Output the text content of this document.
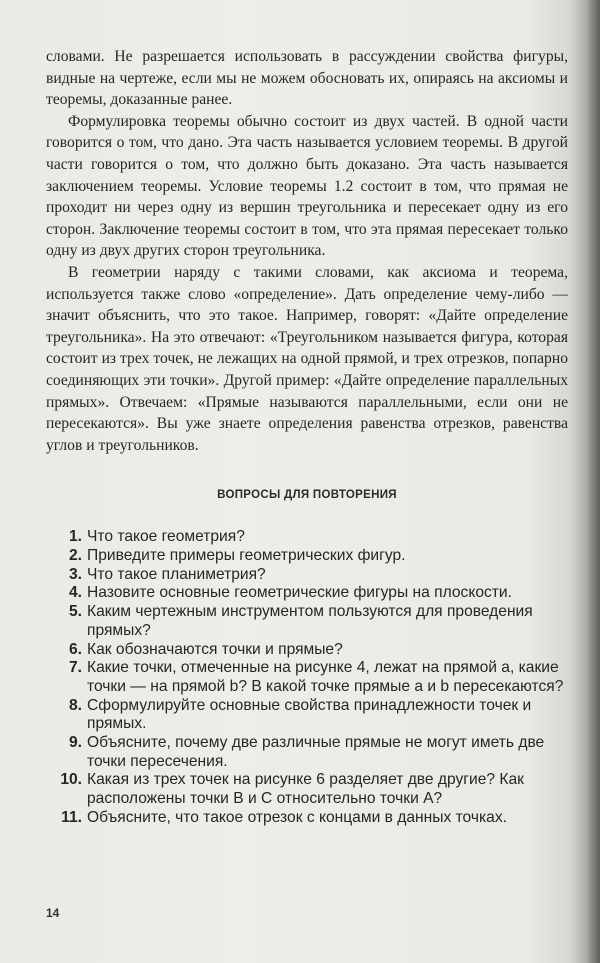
словами. Не разрешается использовать в рассуждении свойства фигуры, видные на чертеже, если мы не можем обосновать их, опираясь на аксиомы и теоремы, доказанные ранее.

Формулировка теоремы обычно состоит из двух частей. В одной части говорится о том, что дано. Эта часть называется условием теоремы. В другой части говорится о том, что должно быть доказано. Эта часть называется заключением теоремы. Условие теоремы 1.2 состоит в том, что прямая не проходит ни через одну из вершин треугольника и пересекает одну из его сторон. Заключение теоремы состоит в том, что эта прямая пересекает только одну из двух других сторон треугольника.

В геометрии наряду с такими словами, как аксиома и теорема, используется также слово «определение». Дать определение чему-либо — значит объяснить, что это такое. Например, говорят: «Дайте определение треугольника». На это отвечают: «Треугольником называется фигура, которая состоит из трех точек, не лежащих на одной прямой, и трех отрезков, попарно соединяющих эти точки». Другой пример: «Дайте определение параллельных прямых». Отвечаем: «Прямые называются параллельными, если они не пересекаются». Вы уже знаете определения равенства отрезков, равенства углов и треугольников.

ВОПРОСЫ ДЛЯ ПОВТОРЕНИЯ
1. Что такое геометрия?
2. Приведите примеры геометрических фигур.
3. Что такое планиметрия?
4. Назовите основные геометрические фигуры на плоскости.
5. Каким чертежным инструментом пользуются для проведения прямых?
6. Как обозначаются точки и прямые?
7. Какие точки, отмеченные на рисунке 4, лежат на прямой a, какие точки — на прямой b? В какой точке прямые a и b пересекаются?
8. Сформулируйте основные свойства принадлежности точек и прямых.
9. Объясните, почему две различные прямые не могут иметь две точки пересечения.
10. Какая из трех точек на рисунке 6 разделяет две другие? Как расположены точки B и C относительно точки A?
11. Объясните, что такое отрезок с концами в данных точках.
14
